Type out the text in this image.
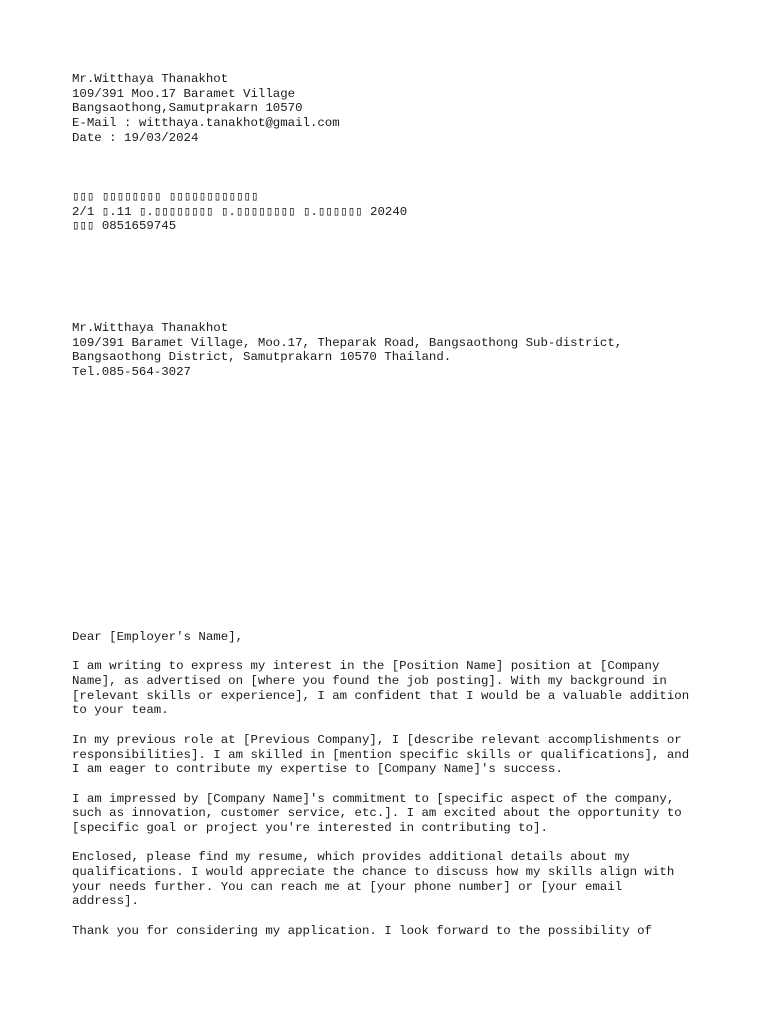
Mr.Witthaya Thanakhot
109/391 Moo.17 Baramet Village
Bangsaothong,Samutprakarn 10570
E-Mail : witthaya.tanakhot@gmail.com
Date : 19/03/2024
▯▯▯ ▯▯▯▯▯▯▯▯ ▯▯▯▯▯▯▯▯▯▯▯▯
2/1 ▯.11 ▯.▯▯▯▯▯▯▯▯ ▯.▯▯▯▯▯▯▯▯ ▯.▯▯▯▯▯▯ 20240
▯▯▯ 0851659745
Mr.Witthaya Thanakhot
109/391 Baramet Village, Moo.17, Theparak Road, Bangsaothong Sub-district,
Bangsaothong District, Samutprakarn 10570 Thailand.
Tel.085-564-3027
Dear [Employer's Name],
I am writing to express my interest in the [Position Name] position at [Company
Name], as advertised on [where you found the job posting]. With my background in
[relevant skills or experience], I am confident that I would be a valuable addition
to your team.
In my previous role at [Previous Company], I [describe relevant accomplishments or
responsibilities]. I am skilled in [mention specific skills or qualifications], and
I am eager to contribute my expertise to [Company Name]'s success.
I am impressed by [Company Name]'s commitment to [specific aspect of the company,
such as innovation, customer service, etc.]. I am excited about the opportunity to
[specific goal or project you're interested in contributing to].
Enclosed, please find my resume, which provides additional details about my
qualifications. I would appreciate the chance to discuss how my skills align with
your needs further. You can reach me at [your phone number] or [your email
address].
Thank you for considering my application. I look forward to the possibility of
